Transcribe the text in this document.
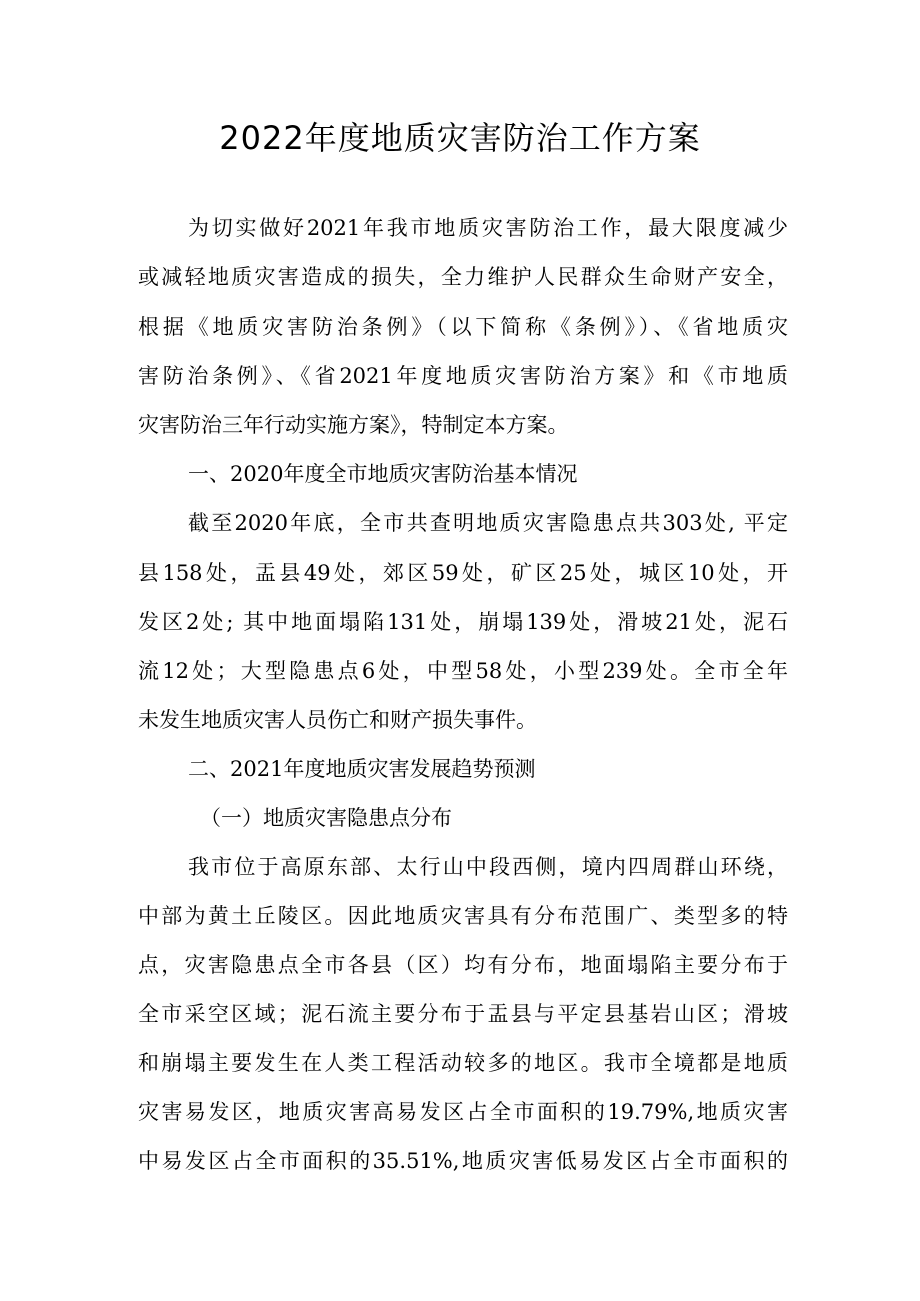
2022年度地质灾害防治工作方案
为切实做好2021年我市地质灾害防治工作，最大限度减少
或减轻地质灾害造成的损失，全力维护人民群众生命财产安全，
根据《地质灾害防治条例》（以下简称《条例》）、《省地质灾
害防治条例》、《省2021年度地质灾害防治方案》和《市地质
灾害防治三年行动实施方案》，特制定本方案。
一、2020年度全市地质灾害防治基本情况
截至2020年底，全市共查明地质灾害隐患点共303处, 平定
县158处，盂县49处，郊区59处，矿区25处，城区10处，开
发区2处; 其中地面塌陷131处，崩塌139处，滑坡21处，泥石
流12处；大型隐患点6处，中型58处，小型239处。全市全年
未发生地质灾害人员伤亡和财产损失事件。
二、2021年度地质灾害发展趋势预测
（一）地质灾害隐患点分布
我市位于高原东部、太行山中段西侧，境内四周群山环绕，
中部为黄土丘陵区。因此地质灾害具有分布范围广、类型多的特
点，灾害隐患点全市各县（区）均有分布，地面塌陷主要分布于
全市采空区域；泥石流主要分布于盂县与平定县基岩山区；滑坡
和崩塌主要发生在人类工程活动较多的地区。我市全境都是地质
灾害易发区，地质灾害高易发区占全市面积的19.79%,地质灾害
中易发区占全市面积的35.51%,地质灾害低易发区占全市面积的
